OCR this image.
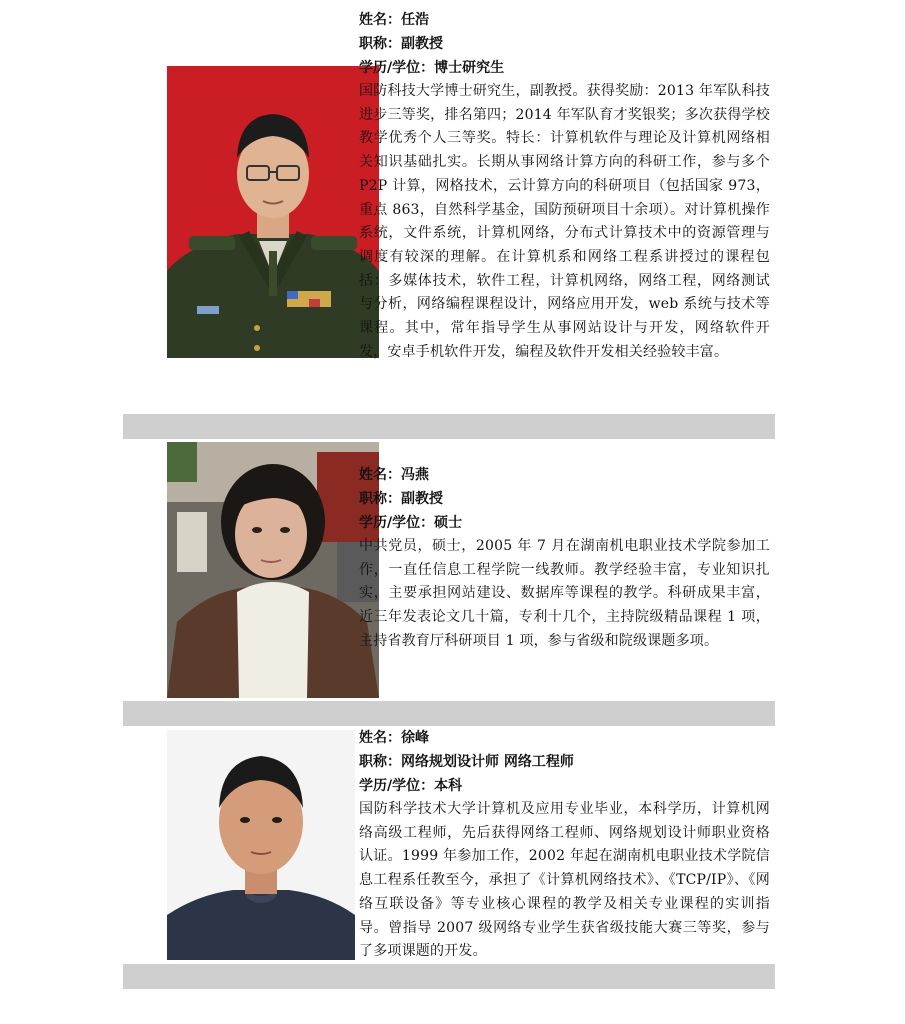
姓名：任浩
职称：副教授
学历/学位：博士研究生
国防科技大学博士研究生，副教授。获得奖励：2013 年军队科技进步三等奖，排名第四；2014 年军队育才奖银奖；多次获得学校教学优秀个人三等奖。特长：计算机软件与理论及计算机网络相关知识基础扎实。长期从事网络计算方向的科研工作，参与多个 P2P 计算，网格技术，云计算方向的科研项目（包括国家 973，重点 863，自然科学基金，国防预研项目十余项）。对计算机操作系统，文件系统，计算机网络，分布式计算技术中的资源管理与调度有较深的理解。在计算机系和网络工程系讲授过的课程包括：多媒体技术，软件工程，计算机网络，网络工程，网络测试与分析，网络编程课程设计，网络应用开发，web 系统与技术等课程。其中，常年指导学生从事网站设计与开发，网络软件开发，安卓手机软件开发，编程及软件开发相关经验较丰富。
姓名：冯燕
职称：副教授
学历/学位：硕士
中共党员，硕士，2005 年 7 月在湖南机电职业技术学院参加工作，一直任信息工程学院一线教师。教学经验丰富，专业知识扎实，主要承担网站建设、数据库等课程的教学。科研成果丰富，近三年发表论文几十篇，专利十几个，主持院级精品课程 1 项，主持省教育厅科研项目 1 项，参与省级和院级课题多项。
姓名：徐峰
职称：网络规划设计师 网络工程师
学历/学位：本科
国防科学技术大学计算机及应用专业毕业，本科学历，计算机网络高级工程师，先后获得网络工程师、网络规划设计师职业资格认证。1999 年参加工作，2002 年起在湖南机电职业技术学院信息工程系任教至今，承担了《计算机网络技术》、《TCP/IP》、《网络互联设备》等专业核心课程的教学及相关专业课程的实训指导。曾指导 2007 级网络专业学生获省级技能大赛三等奖，参与了多项课题的开发。
